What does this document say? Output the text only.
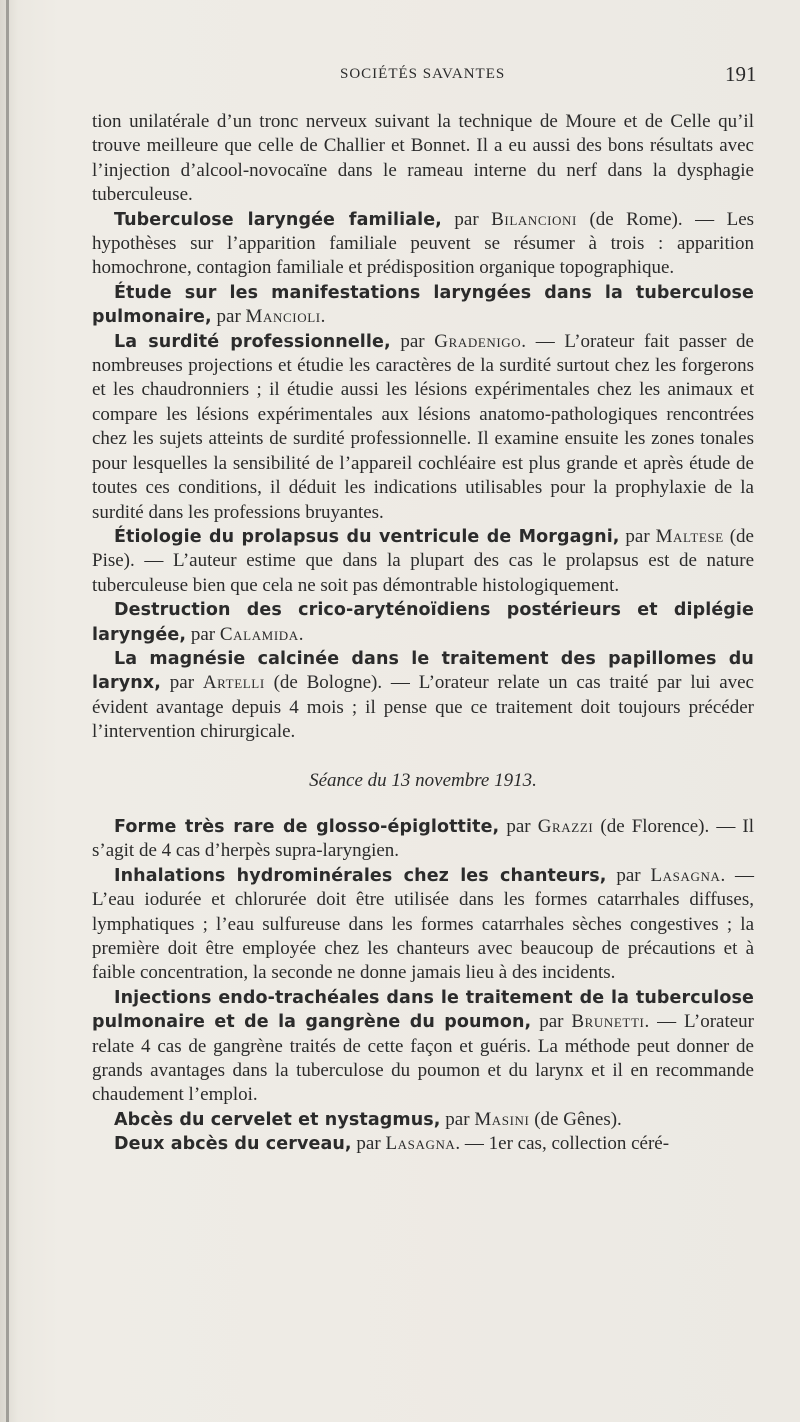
SOCIÉTÉS SAVANTES	191

tion unilatérale d’un tronc nerveux suivant la technique de Moure et de Celle qu’il trouve meilleure que celle de Challier et Bonnet. Il a eu aussi des bons résultats avec l’injection d’alcool-novocaïne dans le rameau interne du nerf dans la dysphagie tuberculeuse.

Tuberculose laryngée familiale, par Bilancioni (de Rome). — Les hypothèses sur l’apparition familiale peuvent se résumer à trois : apparition homochrone, contagion familiale et prédisposition organique topographique.

Étude sur les manifestations laryngées dans la tuberculose pulmonaire, par Mancioli.

La surdité professionnelle, par Gradenigo. — L’orateur fait passer de nombreuses projections et étudie les caractères de la surdité surtout chez les forgerons et les chaudronniers ; il étudie aussi les lésions expérimentales chez les animaux et compare les lésions expérimentales aux lésions anatomo-pathologiques rencontrées chez les sujets atteints de surdité professionnelle. Il examine ensuite les zones tonales pour lesquelles la sensibilité de l’appareil cochléaire est plus grande et après étude de toutes ces conditions, il déduit les indications utilisables pour la prophylaxie de la surdité dans les professions bruyantes.

Étiologie du prolapsus du ventricule de Morgagni, par Maltese (de Pise). — L’auteur estime que dans la plupart des cas le prolapsus est de nature tuberculeuse bien que cela ne soit pas démontrable histologiquement.

Destruction des crico-aryténoïdiens postérieurs et diplégie laryngée, par Calamida.

La magnésie calcinée dans le traitement des papillomes du larynx, par Artelli (de Bologne). — L’orateur relate un cas traité par lui avec évident avantage depuis 4 mois ; il pense que ce traitement doit toujours précéder l’intervention chirurgicale.

Séance du 13 novembre 1913.

Forme très rare de glosso-épiglottite, par Grazzi (de Florence). — Il s’agit de 4 cas d’herpès supra-laryngien.

Inhalations hydrominérales chez les chanteurs, par Lasagna. — L’eau iodurée et chlorurée doit être utilisée dans les formes catarrhales diffuses, lymphatiques ; l’eau sulfureuse dans les formes catarrhales sèches congestives ; la première doit être employée chez les chanteurs avec beaucoup de précautions et à faible concentration, la seconde ne donne jamais lieu à des incidents.

Injections endo-trachéales dans le traitement de la tuberculose pulmonaire et de la gangrène du poumon, par Brunetti. — L’orateur relate 4 cas de gangrène traités de cette façon et guéris. La méthode peut donner de grands avantages dans la tuberculose du poumon et du larynx et il en recommande chaudement l’emploi.

Abcès du cervelet et nystagmus, par Masini (de Gênes).

Deux abcès du cerveau, par Lasagna. — 1er cas, collection céré-
